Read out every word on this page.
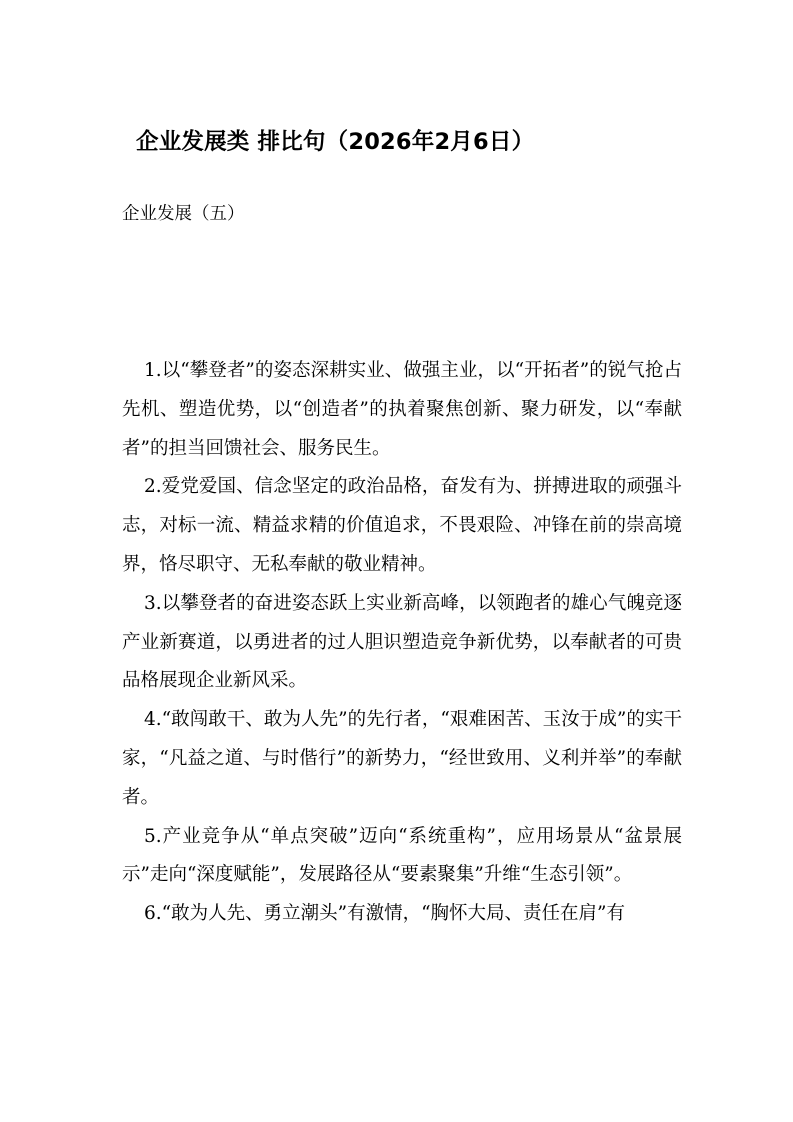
企业发展类 排比句（2026年2月6日）

企业发展（五）

1.以“攀登者”的姿态深耕实业、做强主业，以“开拓者”的锐气抢占先机、塑造优势，以“创造者”的执着聚焦创新、聚力研发，以“奉献者”的担当回馈社会、服务民生。

2.爱党爱国、信念坚定的政治品格，奋发有为、拼搏进取的顽强斗志，对标一流、精益求精的价值追求，不畏艰险、冲锋在前的崇高境界，恪尽职守、无私奉献的敬业精神。

3.以攀登者的奋进姿态跃上实业新高峰，以领跑者的雄心气魄竞逐产业新赛道，以勇进者的过人胆识塑造竞争新优势，以奉献者的可贵品格展现企业新风采。

4.“敢闯敢干、敢为人先”的先行者，“艰难困苦、玉汝于成”的实干家，“凡益之道、与时偕行”的新势力，“经世致用、义利并举”的奉献者。

5.产业竞争从“单点突破”迈向“系统重构”，应用场景从“盆景展示”走向“深度赋能”，发展路径从“要素聚集”升维“生态引领”。

6.“敢为人先、勇立潮头”有激情，“胸怀大局、责任在肩”有
